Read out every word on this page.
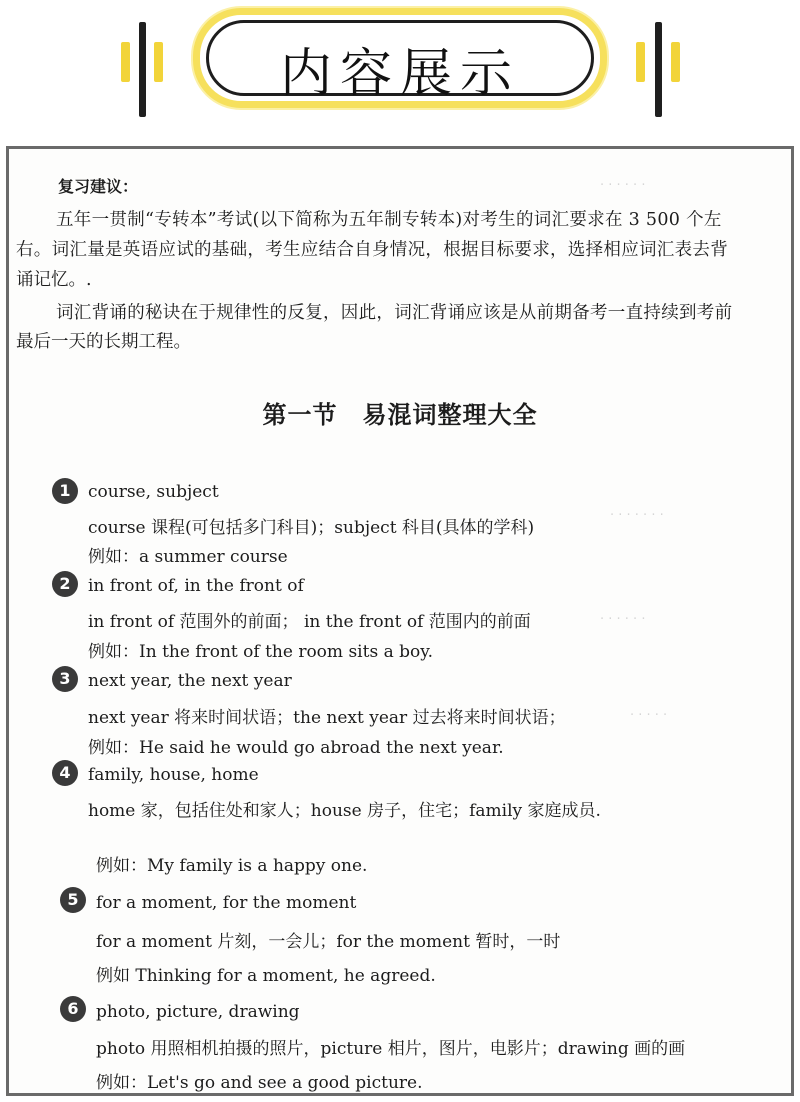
内容展示
· · · · · ·
· · · · · · ·
· · · · · ·
· · · · ·
复习建议：
五年一贯制“专转本”考试(以下简称为五年制专转本)对考生的词汇要求在 3 500 个左
右。词汇量是英语应试的基础，考生应结合自身情况，根据目标要求，选择相应词汇表去背
诵记忆。.
词汇背诵的秘诀在于规律性的反复，因此，词汇背诵应该是从前期备考一直持续到考前
最后一天的长期工程。
第一节　易混词整理大全
1	course, subject
course 课程(可包括多门科目)；subject 科目(具体的学科)
例如：a summer course
2	in front of, in the front of
in front of 范围外的前面； in the front of 范围内的前面
例如：In the front of the room sits a boy.
3	next year, the next year
next year 将来时间状语；the next year 过去将来时间状语；
例如：He said he would go abroad the next year.
4	family, house, home
home 家，包括住处和家人；house 房子，住宅；family 家庭成员.
例如：My family is a happy one.
5	for a moment, for the moment
for a moment 片刻，一会儿；for the moment 暂时，一时
例如 Thinking for a moment, he agreed.
6	photo, picture, drawing
photo 用照相机拍摄的照片，picture 相片，图片，电影片；drawing 画的画
例如：Let's go and see a good picture.
